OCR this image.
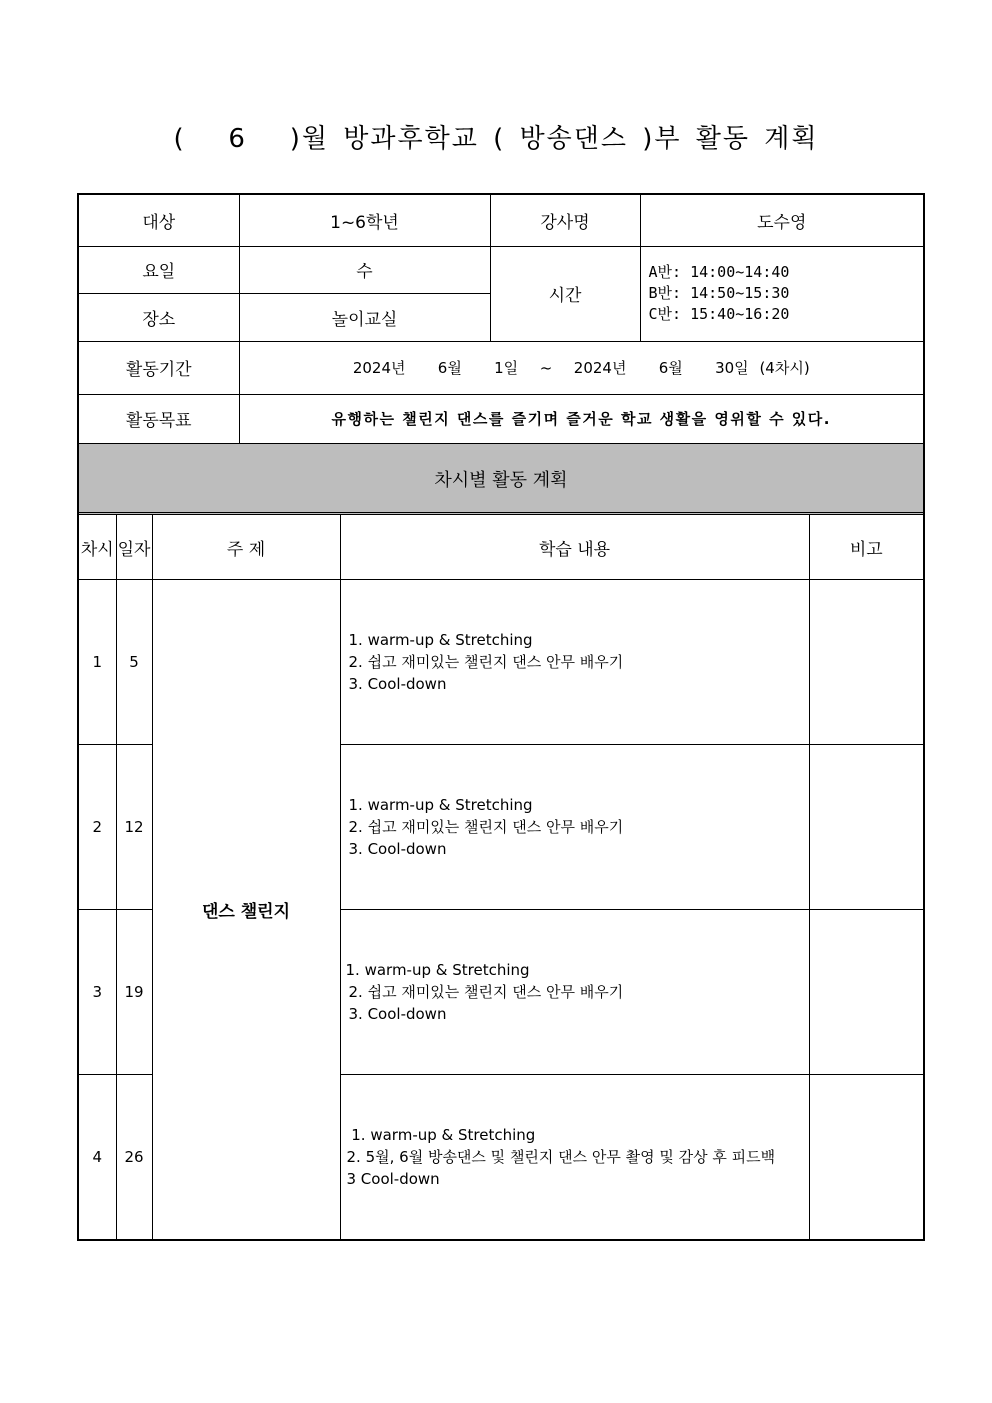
(   6   )월 방과후학교 ( 방송댄스 )부 활동 계획
대상	1~6학년	강사명	도수영
요일	수	시간	A반: 14:00~14:40
B반: 14:50~15:30
C반: 15:40~16:20

장소	놀이교실		
활동기간	2024년   6월   1일  ~  2024년   6월   30일 (4차시)		
활동목표	유행하는 챌린지 댄스를 즐기며 즐거운 학교 생활을 영위할 수 있다.		
차시별 활동 계획			
차시	일자	주 제	학습 내용	비고
1	5	댄스 챌린지	1. warm-up & Stretching
2. 쉽고 재미있는 챌린지 댄스 안무 배우기
3. Cool-down	

2	12		1. warm-up & Stretching
2. 쉽고 재미있는 챌린지 댄스 안무 배우기
3. Cool-down	

3	19		1. warm-up & Stretching
2. 쉽고 재미있는 챌린지 댄스 안무 배우기
3. Cool-down	

4	26		1. warm-up & Stretching
2. 5월, 6월 방송댄스 및 챌린지 댄스 안무 촬영 및 감상 후 피드백
3 Cool-down	
